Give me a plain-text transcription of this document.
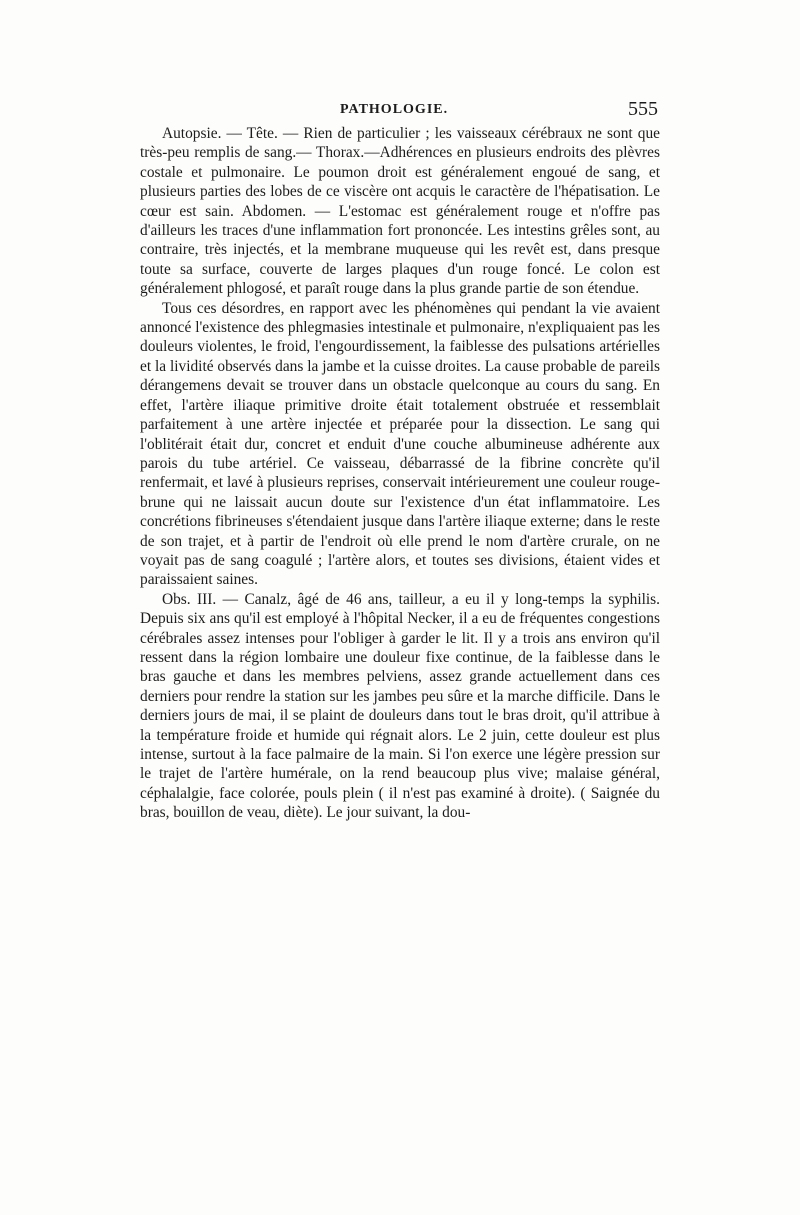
PATHOLOGIE.	555

Autopsie. — Tête. — Rien de particulier ; les vaisseaux cérébraux ne sont que très-peu remplis de sang.— Thorax.—Adhérences en plusieurs endroits des plèvres costale et pulmonaire. Le poumon droit est généralement engoué de sang, et plusieurs parties des lobes de ce viscère ont acquis le caractère de l'hépatisation. Le cœur est sain. Abdomen. — L'estomac est généralement rouge et n'offre pas d'ailleurs les traces d'une inflammation fort prononcée. Les intestins grêles sont, au contraire, très injectés, et la membrane muqueuse qui les revêt est, dans presque toute sa surface, couverte de larges plaques d'un rouge foncé. Le colon est généralement phlogosé, et paraît rouge dans la plus grande partie de son étendue.

Tous ces désordres, en rapport avec les phénomènes qui pendant la vie avaient annoncé l'existence des phlegmasies intestinale et pulmonaire, n'expliquaient pas les douleurs violentes, le froid, l'engourdissement, la faiblesse des pulsations artérielles et la lividité observés dans la jambe et la cuisse droites. La cause probable de pareils dérangemens devait se trouver dans un obstacle quelconque au cours du sang. En effet, l'artère iliaque primitive droite était totalement obstruée et ressemblait parfaitement à une artère injectée et préparée pour la dissection. Le sang qui l'oblitérait était dur, concret et enduit d'une couche albumineuse adhérente aux parois du tube artériel. Ce vaisseau, débarrassé de la fibrine concrète qu'il renfermait, et lavé à plusieurs reprises, conservait intérieurement une couleur rouge-brune qui ne laissait aucun doute sur l'existence d'un état inflammatoire. Les concrétions fibrineuses s'étendaient jusque dans l'artère iliaque externe; dans le reste de son trajet, et à partir de l'endroit où elle prend le nom d'artère crurale, on ne voyait pas de sang coagulé ; l'artère alors, et toutes ses divisions, étaient vides et paraissaient saines.

Obs. III. — Canalz, âgé de 46 ans, tailleur, a eu il y long-temps la syphilis. Depuis six ans qu'il est employé à l'hôpital Necker, il a eu de fréquentes congestions cérébrales assez intenses pour l'obliger à garder le lit. Il y a trois ans environ qu'il ressent dans la région lombaire une douleur fixe continue, de la faiblesse dans le bras gauche et dans les membres pelviens, assez grande actuellement dans ces derniers pour rendre la station sur les jambes peu sûre et la marche difficile. Dans le derniers jours de mai, il se plaint de douleurs dans tout le bras droit, qu'il attribue à la température froide et humide qui régnait alors. Le 2 juin, cette douleur est plus intense, surtout à la face palmaire de la main. Si l'on exerce une légère pression sur le trajet de l'artère humérale, on la rend beaucoup plus vive; malaise général, céphalalgie, face colorée, pouls plein ( il n'est pas examiné à droite). ( Saignée du bras, bouillon de veau, diète). Le jour suivant, la dou-
